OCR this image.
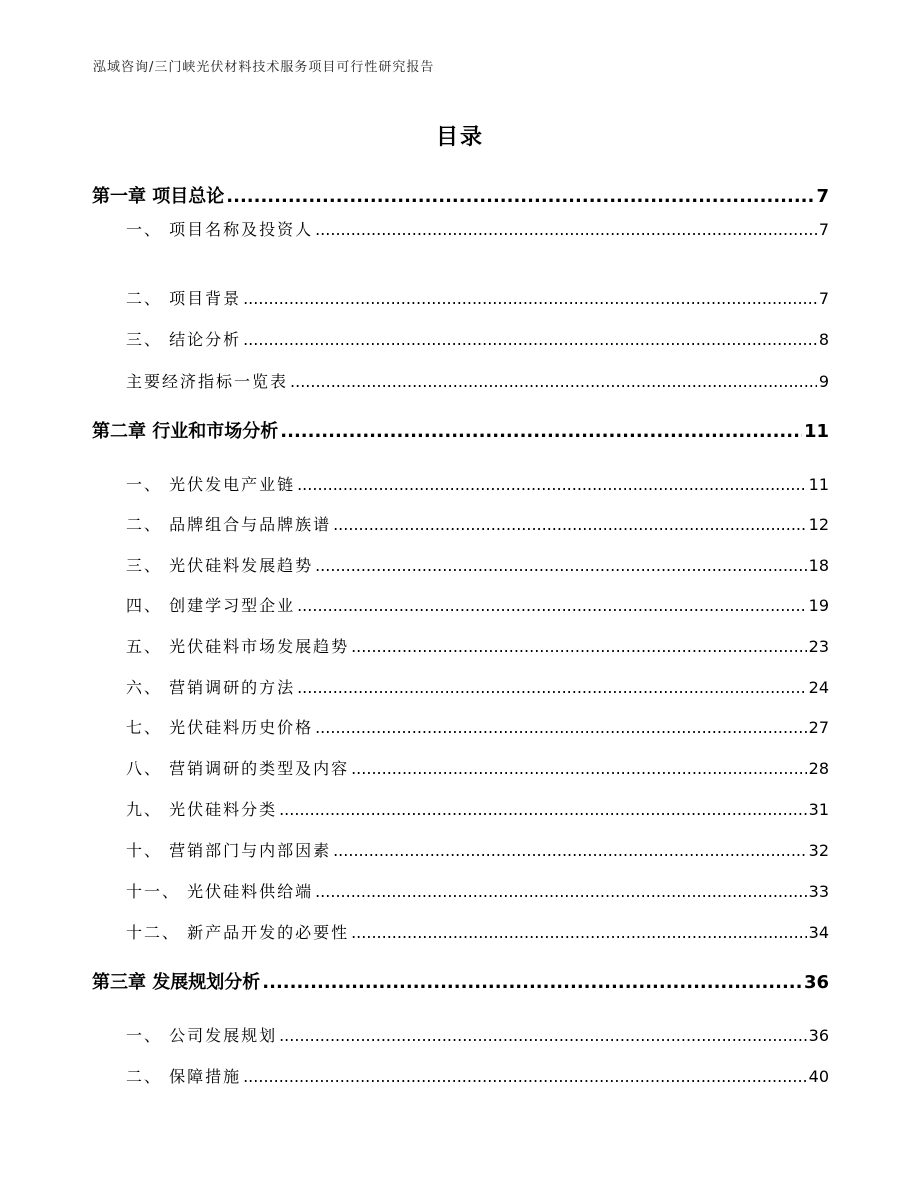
泓域咨询/三门峡光伏材料技术服务项目可行性研究报告
目录
第一章 项目总论 .....	7
一、 项目名称及投资人 .....	7
二、 项目背景 .....	7
三、 结论分析 .....	8
主要经济指标一览表 .....	9
第二章 行业和市场分析 .....	11
一、 光伏发电产业链 .....	11
二、 品牌组合与品牌族谱 .....	12
三、 光伏硅料发展趋势 .....	18
四、 创建学习型企业 .....	19
五、 光伏硅料市场发展趋势 .....	23
六、 营销调研的方法 .....	24
七、 光伏硅料历史价格 .....	27
八、 营销调研的类型及内容 .....	28
九、 光伏硅料分类 .....	31
十、 营销部门与内部因素 .....	32
十一、 光伏硅料供给端 .....	33
十二、 新产品开发的必要性 .....	34
第三章 发展规划分析 .....	36
一、 公司发展规划 .....	36
二、 保障措施 .....	40
